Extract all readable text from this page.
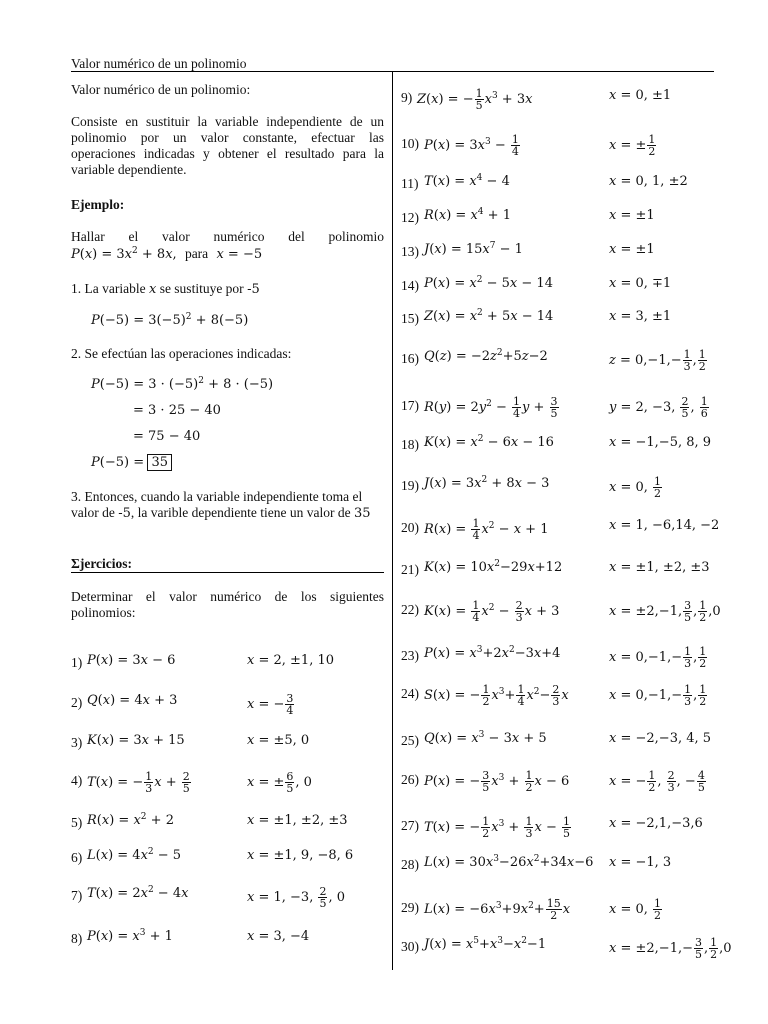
Valor numérico de un polinomio
Valor numérico de un polinomio:
Consiste en sustituir la variable independiente de un polinomio por un valor constante, efectuar las operaciones indicadas y obtener el resultado para la variable dependiente.
Ejemplo:
Hallar el valor numérico del polinomio
$P(x) = 3x^2 + 8x$,  para x = −5
1. La variable x se sustituye por -5
$P(-5) = 3(-5)^2 + 8(-5)$
2. Se efectúan las operaciones indicadas:
$P(-5) = 3 \cdot (-5)^2 + 8 \cdot (-5)$
= 3 · 25 − 40
= 75 − 40
P(−5) = 35
3. Entonces, cuando la variable independiente toma el valor de -5, la varible dependiente tiene un valor de 35
Σjercicios:
Determinar el valor numérico de los siguientes polinomios:
1) P(x) = 3x − 6	x = 2, ±1, 10
2) Q(x) = 4x + 3	x = − $\frac{3}{4}$
3) K(x) = 3x + 15	x = ±5, 0
4) T(x) = − $\frac{1}{3}$ $x + \frac{2}{5}$	x = ± $\frac{6}{5}$ , 0
5) $R(x) = x^2 + 2$	x = ±1, ±2, ±3
6) $L(x) = 4x^2 - 5$	x = ±1, 9, −8, 6
7) $T(x) = 2x^2 - 4x$	x = 1, −3, $\frac{2}{5}$ , 0
8) $P(x) = x^3 + 1$	x = 3, −4
9) Z(x) = − $\frac{1}{5} x^3 + 3x$	x = 0, ±1
10) $P(x) = 3x^3 - \frac{1}{4}$	x = ± $\frac{1}{2}$
11) $T(x) = x^4 - 4$	x = 0, 1, ±2
12) $R(x) = x^4 + 1$	x = ±1
13) $J(x) = 15x^7 - 1$	x = ±1
14) $P(x) = x^2 - 5x - 14$	x = 0, ∓1
15) $Z(x) = x^2 + 5x - 14$	x = 3, ±1
16) $Q(z) = -2z^2+5z-2$	$z = 0,-1,- \frac{1}{3}$ , $\frac{1}{2}$
17) $R(y) = 2y^2 - \frac{1}{4}$ $y + \frac{3}{5}$	y = 2, −3, $\frac{2}{5}$ , $\frac{1}{6}$
18) $K(x) = x^2 - 6x - 16$	x = −1,−5, 8, 9
19) $J(x) = 3x^2 + 8x - 3$	x = 0, $\frac{1}{2}$
20) $R(x) = \frac{1}{4} x^2 - x + 1$	x = 1, −6,14, −2
21) $K(x) = 10x^2-29x+12$	x = ±1, ±2, ±3
22) $K(x) = \frac{1}{4} x^2 - \frac{2}{3}$ x + 3	x = ±2,−1, $\frac{3}{5}$ , $\frac{1}{2} ,0$
23) $P(x) = x^3+2x^2-3x+4$	$x = 0,-1,- \frac{1}{3}$ , $\frac{1}{2}$
24) S(x) = − $\frac{1}{2} x^3+ \frac{1}{4} x^2- \frac{2}{3}$ x	$x = 0,-1,- \frac{1}{3}$ , $\frac{1}{2}$
25) $Q(x) = x^3 - 3x + 5$	x = −2,−3, 4, 5
26) P(x) = − $\frac{3}{5} x^3 + \frac{1}{2}$ x − 6	x = − $\frac{1}{2}$ , $\frac{2}{3}$ , − $\frac{4}{5}$
27) T(x) = − $\frac{1}{2} x^3 + \frac{1}{3}$ $x - \frac{1}{5}$	x = −2,1,−3,6
28) $L(x) = 30x^3-26x^2+34x-6$ x = −1, 3
29) $L(x) = -6x^3+9x^2+ \frac{15}{2}$ x	x = 0, $\frac{1}{2}$
30) $J(x) = x^5+x^3-x^2-1$	$x = \pm 2,-1,- \frac{3}{5}$ , $\frac{1}{2} ,0$
